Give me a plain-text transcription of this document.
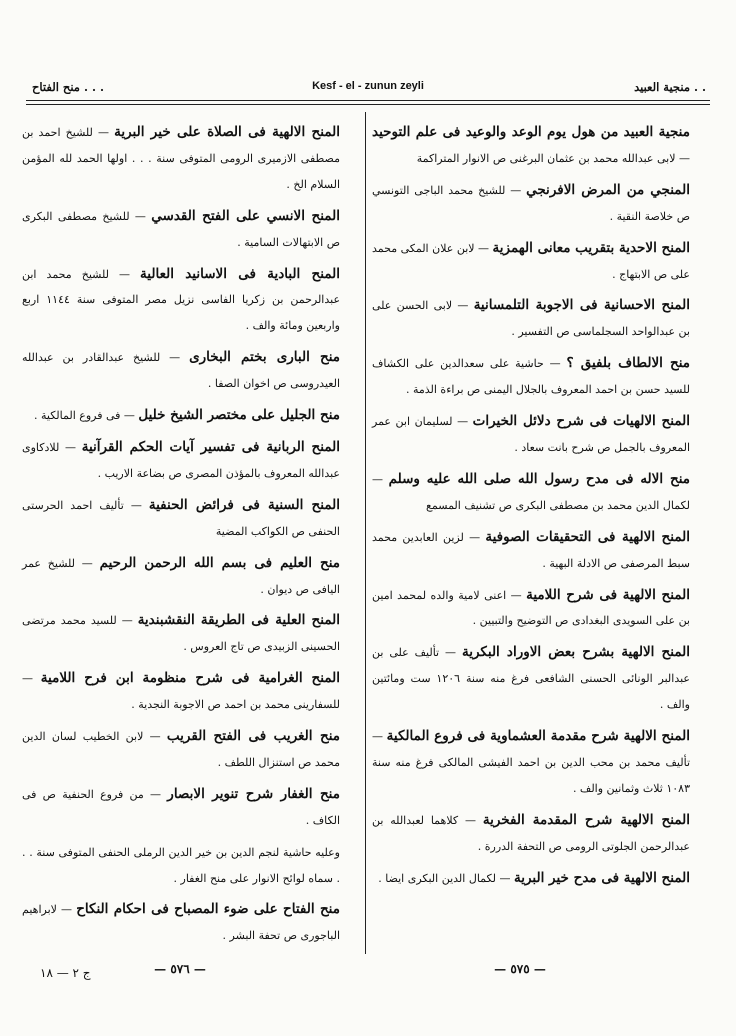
منجية العبيد . .
Kesf - el - zunun zeyli
منح الفتاح . . .
منجية العبيد من هول يوم الوعد والوعيد فى علم التوحيد — لابى عبدالله محمد بن عثمان البرغنى ص الانوار المتراكمة
المنجي من المرض الافرنجي — للشيخ محمد الباجى التونسي ص خلاصة النقية .
المنح الاحدية بتقريب معانى الهمزية — لابن علان المكى محمد على ص الابتهاج .
المنح الاحسانية فى الاجوبة التلمسانية — لابى الحسن على بن عبدالواحد السجلماسى ص التفسير .
منح الالطاف بلفيق ؟ — حاشية على سعدالدين على الكشاف للسيد حسن بن احمد المعروف بالجلال اليمنى ص براءة الذمة .
المنح الالهيات فى شرح دلائل الخيرات — لسليمان ابن عمر المعروف بالجمل ص شرح بانت سعاد .
منح الاله فى مدح رسول الله صلى الله عليه وسلم — لكمال الدين محمد بن مصطفى البكرى ص تشنيف المسمع
المنح الالهية فى التحقيقات الصوفية — لزين العابدين محمد سبط المرصفى ص الادلة البهية .
المنح الالهية فى شرح اللامية — اعنى لامية والده لمحمد امين بن على السويدى البغدادى ص التوضيح والتبيين .
المنح الالهية بشرح بعض الاوراد البكرية — تأليف على بن عبدالبر الونائى الحسنى الشافعى فرغ منه سنة ١٢٠٦ ست ومائتين والف .
المنح الالهية شرح مقدمة العشماوية فى فروع المالكية — تأليف محمد بن محب الدين بن احمد الفيشى المالكى فرغ منه سنة ١٠٨٣ ثلاث وثمانين والف .
المنح الالهية شرح المقدمة الفخرية — كلاهما لعبدالله بن عبدالرحمن الجلوتى الرومى ص التحفة الدررة .
المنح الالهية فى مدح خير البرية — لكمال الدين البكرى ايضا .
المنح الالهية فى الصلاة على خير البرية — للشيخ احمد بن مصطفى الازميرى الرومى المتوفى سنة . . . اولها الحمد لله المؤمن السلام الخ .
المنح الانسي على الفتح القدسي — للشيخ مصطفى البكرى ص الابتهالات السامية .
المنح البادية فى الاسانيد العالية — للشيخ محمد ابن عبدالرحمن بن زكريا الفاسى نزيل مصر المتوفى سنة ١١٤٤ اربع واربعين ومائة والف .
منح البارى بختم البخارى — للشيخ عبدالقادر بن عبدالله العيدروسى ص اخوان الصفا .
منح الجليل على مختصر الشيخ خليل — فى فروع المالكية .
المنح الربانية فى تفسير آيات الحكم القرآنية — للادكاوى عبدالله المعروف بالمؤذن المصرى ص بضاعة الاريب .
المنح السنية فى فرائض الحنفية — تأليف احمد الحرستى الحنفى ص الكواكب المضية
منح العليم فى بسم الله الرحمن الرحيم — للشيخ عمر اليافى ص ديوان .
المنح العلية فى الطريقة النقشبندية — للسيد محمد مرتضى الحسينى الزبيدى ص تاج العروس .
المنح الغرامية فى شرح منظومة ابن فرح اللامية — للسفارينى محمد بن احمد ص الاجوبة النجدية .
منح الغريب فى الفتح القريب — لابن الخطيب لسان الدين محمد ص استنزال اللطف .
منح الغفار شرح تنوير الابصار — من فروع الحنفية ص فى الكاف .
وعليه حاشية لنجم الدين بن خير الدين الرملى الحنفى المتوفى سنة . . . سماه لوائح الانوار على منح الغفار .
منح الفتاح على ضوء المصباح فى احكام النكاح — لابراهيم الباجورى ص تحفة البشر .
— ٥٧٥ —
— ٥٧٦ —
ج ٢ — ١٨
